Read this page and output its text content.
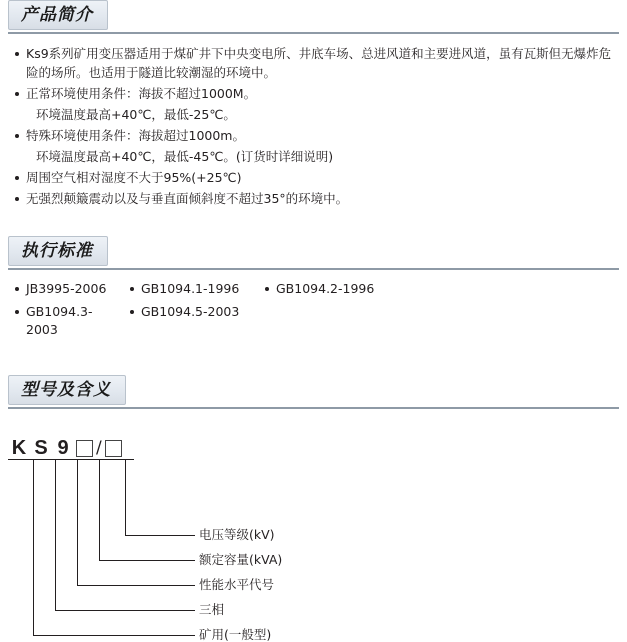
产品简介
Ks9系列矿用变压器适用于煤矿井下中央变电所、井底车场、总进风道和主要进风道，虽有瓦斯但无爆炸危险的场所。也适用于隧道比较潮湿的环境中。
正常环境使用条件：海拔不超过1000M。
环境温度最高+40℃，最低-25℃。
特殊环境使用条件：海拔超过1000m。
环境温度最高+40℃，最低-45℃。(订货时详细说明)
周围空气相对湿度不大于95%(+25℃)
无强烈颠簸震动以及与垂直面倾斜度不超过35°的环境中。
执行标准
JB3995-2006	GB1094.1-1996	GB1094.2-1996
GB1094.3-2003
GB1094.5-2003
型号及含义
K S 9	/
电压等级(kV)
额定容量(kVA)
性能水平代号
三相
矿用(一般型)
